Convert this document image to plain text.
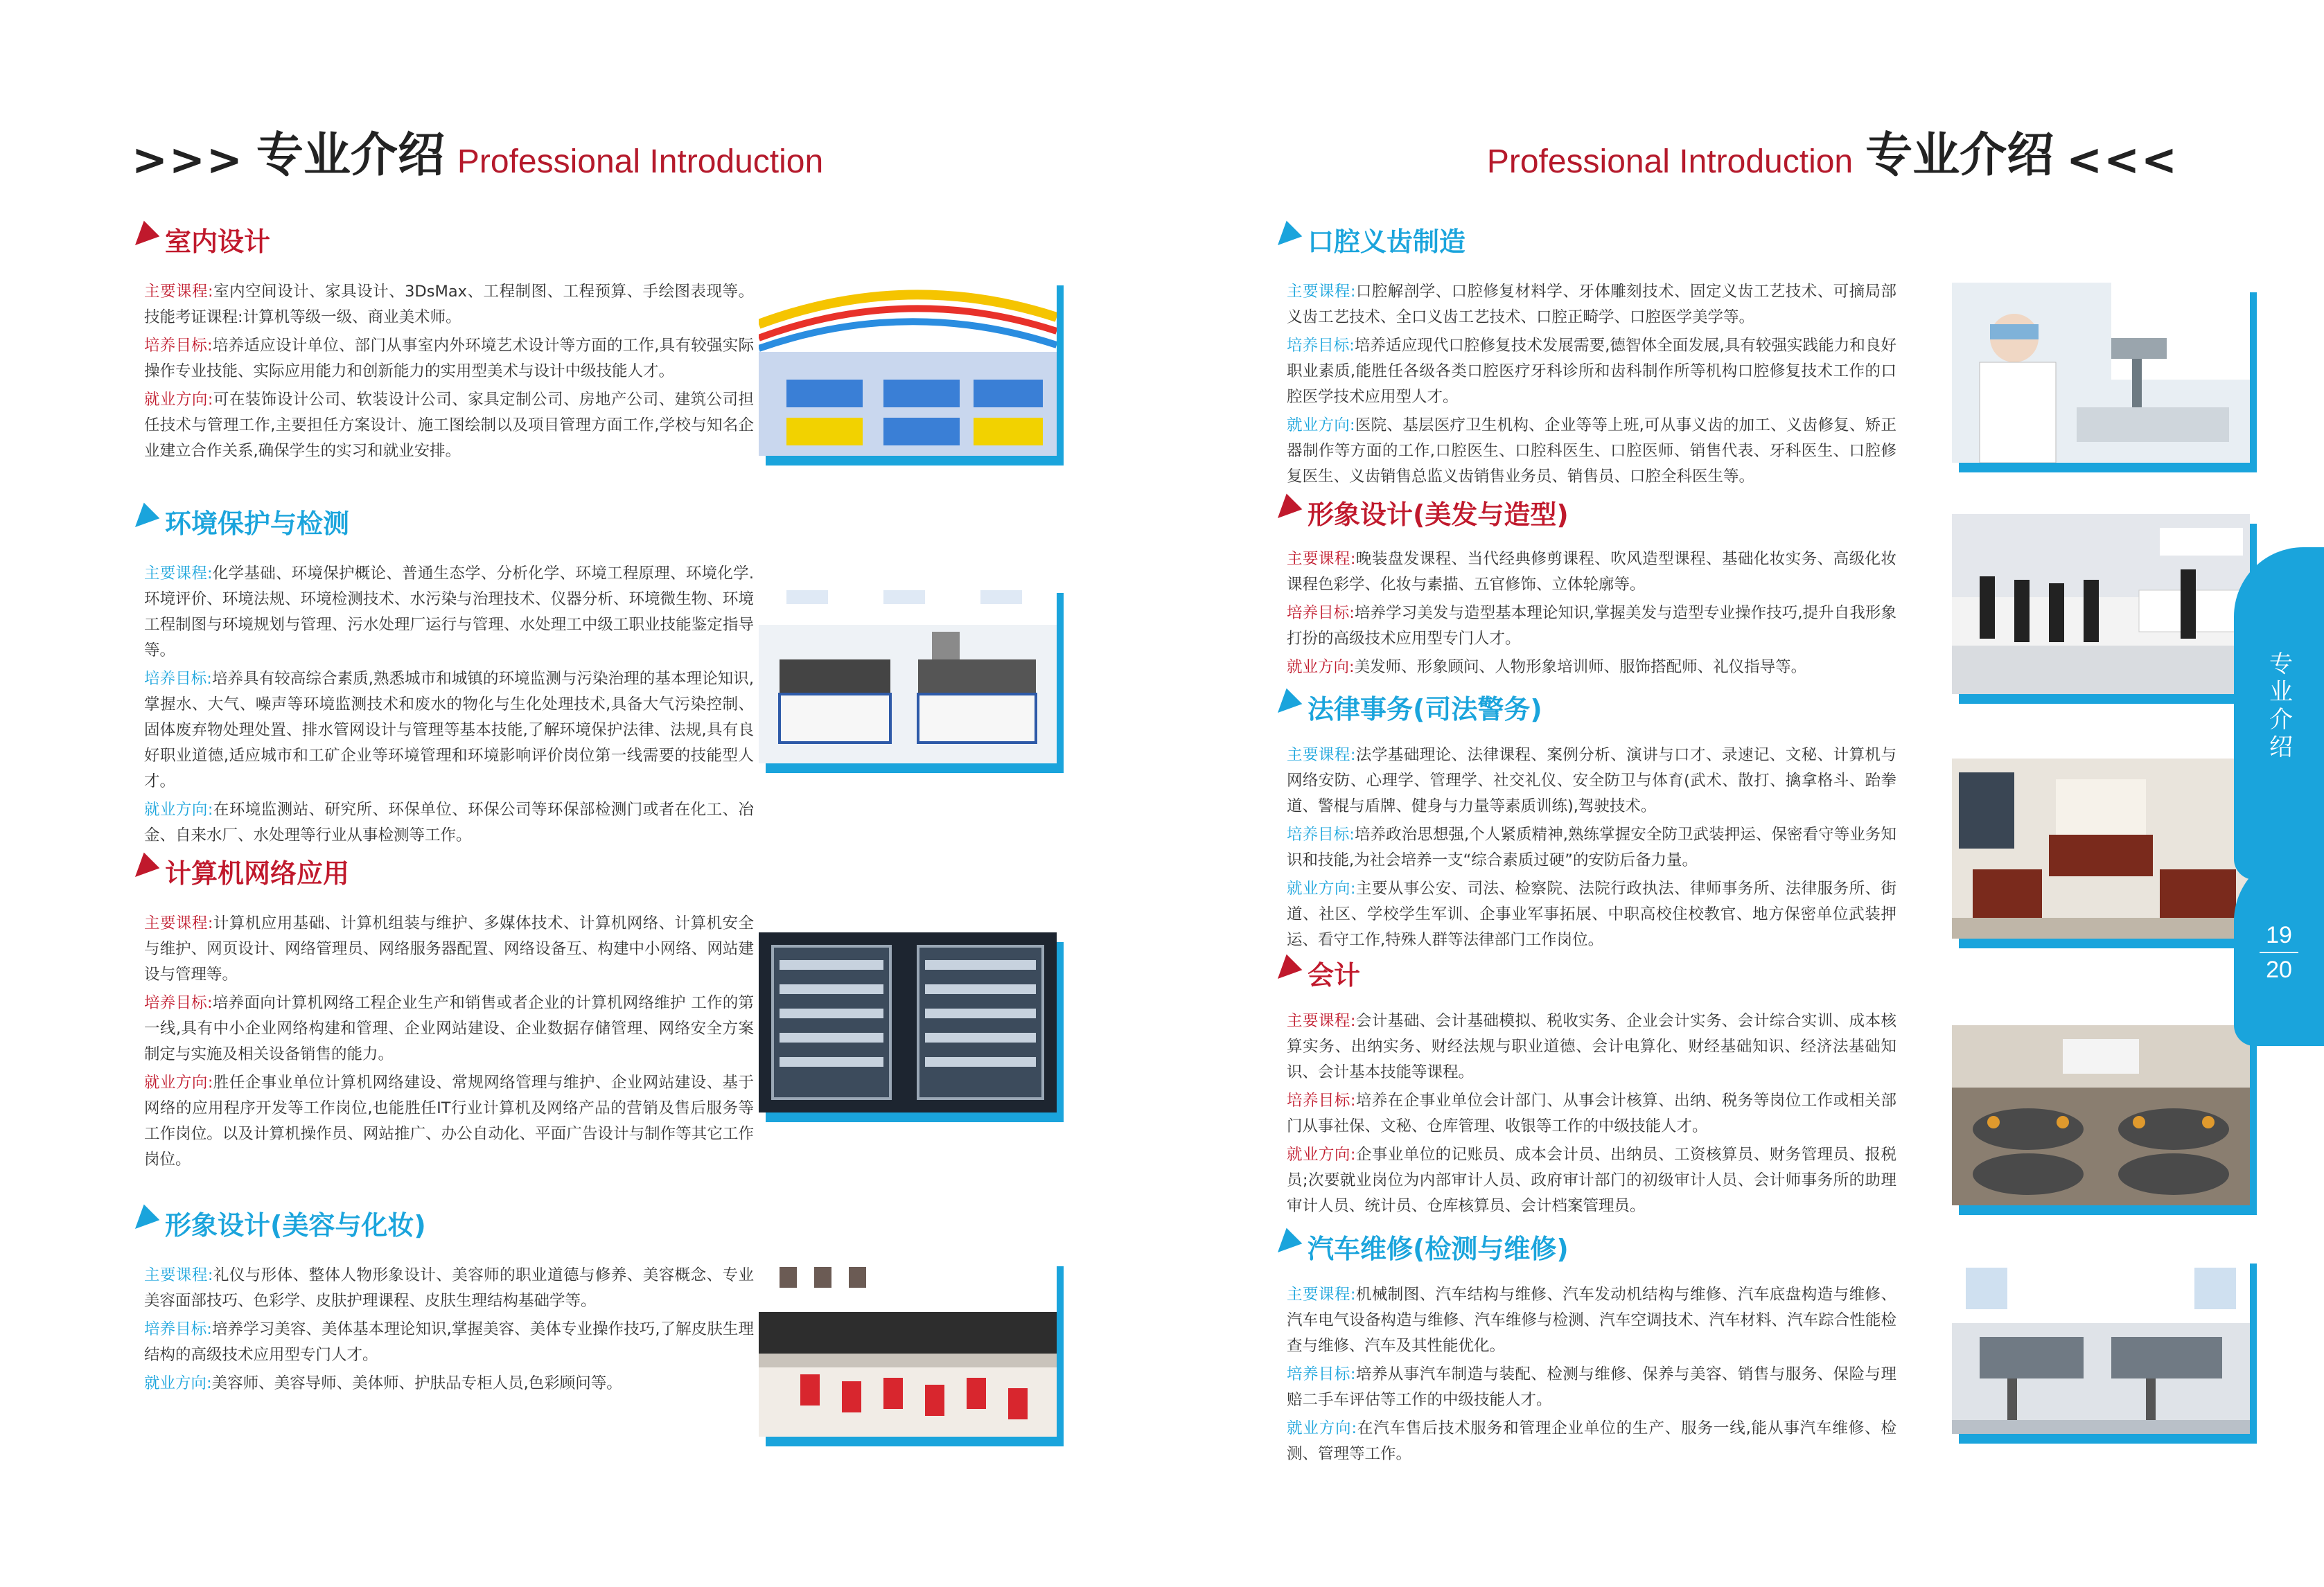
>>> 专业介绍 Professional Introduction
室内设计

主要课程:室内空间设计、家具设计、3DsMax、工程制图、工程预算、手绘图表现等。技能考证课程:计算机等级一级、商业美术师。

培养目标:培养适应设计单位、部门从事室内外环境艺术设计等方面的工作,具有较强实际操作专业技能、实际应用能力和创新能力的实用型美术与设计中级技能人才。

就业方向:可在装饰设计公司、软装设计公司、家具定制公司、房地产公司、建筑公司担任技术与管理工作,主要担任方案设计、施工图绘制以及项目管理方面工作,学校与知名企业建立合作关系,确保学生的实习和就业安排。

环境保护与检测

主要课程:化学基础、环境保护概论、普通生态学、分析化学、环境工程原理、环境化学.环境评价、环境法规、环境检测技术、水污染与治理技术、仪器分析、环境微生物、环境工程制图与环境规划与管理、污水处理厂运行与管理、水处理工中级工职业技能鉴定指导等。

培养目标:培养具有较高综合素质,熟悉城市和城镇的环境监测与污染治理的基本理论知识,掌握水、大气、噪声等环境监测技术和废水的物化与生化处理技术,具备大气污染控制、固体废弃物处理处置、排水管网设计与管理等基本技能,了解环境保护法律、法规,具有良好职业道德,适应城市和工矿企业等环境管理和环境影响评价岗位第一线需要的技能型人才。

就业方向:在环境监测站、研究所、环保单位、环保公司等环保部检测门或者在化工、冶金、自来水厂、水处理等行业从事检测等工作。

计算机网络应用

主要课程:计算机应用基础、计算机组装与维护、多媒体技术、计算机网络、计算机安全与维护、网页设计、网络管理员、网络服务器配置、网络设备互、构建中小网络、网站建设与管理等。

培养目标:培养面向计算机网络工程企业生产和销售或者企业的计算机网络维护 工作的第一线,具有中小企业网络构建和管理、企业网站建设、企业数据存储管理、网络安全方案制定与实施及相关设备销售的能力。

就业方向:胜任企事业单位计算机网络建设、常规网络管理与维护、企业网站建设、基于网络的应用程序开发等工作岗位,也能胜任IT行业计算机及网络产品的营销及售后服务等工作岗位。以及计算机操作员、网站推广、办公自动化、平面广告设计与制作等其它工作岗位。

形象设计(美容与化妆)

主要课程:礼仪与形体、整体人物形象设计、美容师的职业道德与修养、美容概念、专业美容面部技巧、色彩学、皮肤护理课程、皮肤生理结构基础学等。

培养目标:培养学习美容、美体基本理论知识,掌握美容、美体专业操作技巧,了解皮肤生理结构的高级技术应用型专门人才。

就业方向:美容师、美容导师、美体师、护肤品专柜人员,色彩顾问等。

Professional Introduction 专业介绍 <<<
口腔义齿制造

主要课程:口腔解剖学、口腔修复材料学、牙体雕刻技术、固定义齿工艺技术、可摘局部义齿工艺技术、全口义齿工艺技术、口腔正畸学、口腔医学美学等。

培养目标:培养适应现代口腔修复技术发展需要,德智体全面发展,具有较强实践能力和良好职业素质,能胜任各级各类口腔医疗牙科诊所和齿科制作所等机构口腔修复技术工作的口腔医学技术应用型人才。

就业方向:医院、基层医疗卫生机构、企业等等上班,可从事义齿的加工、义齿修复、矫正器制作等方面的工作,口腔医生、口腔科医生、口腔医师、销售代表、牙科医生、口腔修复医生、义齿销售总监义齿销售业务员、销售员、口腔全科医生等。

形象设计(美发与造型)

主要课程:晚装盘发课程、当代经典修剪课程、吹风造型课程、基础化妆实务、高级化妆课程色彩学、化妆与素描、五官修饰、立体轮廓等。

培养目标:培养学习美发与造型基本理论知识,掌握美发与造型专业操作技巧,提升自我形象打扮的高级技术应用型专门人才。

就业方向:美发师、形象顾问、人物形象培训师、服饰搭配师、礼仪指导等。

法律事务(司法警务)

主要课程:法学基础理论、法律课程、案例分析、演讲与口才、录速记、文秘、计算机与网络安防、心理学、管理学、社交礼仪、安全防卫与体育(武术、散打、擒拿格斗、跆拳道、警棍与盾牌、健身与力量等素质训练),驾驶技术。

培养目标:培养政治思想强,个人紧质精神,熟练掌握安全防卫武装押运、保密看守等业务知识和技能,为社会培养一支“综合素质过硬”的安防后备力量。

就业方向:主要从事公安、司法、检察院、法院行政执法、律师事务所、法律服务所、街道、社区、学校学生军训、企事业军事拓展、中职高校住校教官、地方保密单位武装押运、看守工作,特殊人群等法律部门工作岗位。

会计

主要课程:会计基础、会计基础模拟、税收实务、企业会计实务、会计综合实训、成本核算实务、出纳实务、财经法规与职业道德、会计电算化、财经基础知识、经济法基础知识、会计基本技能等课程。

培养目标:培养在企事业单位会计部门、从事会计核算、出纳、税务等岗位工作或相关部门从事社保、文秘、仓库管理、收银等工作的中级技能人才。

就业方向:企事业单位的记账员、成本会计员、出纳员、工资核算员、财务管理员、报税员;次要就业岗位为内部审计人员、政府审计部门的初级审计人员、会计师事务所的助理审计人员、统计员、仓库核算员、会计档案管理员。

汽车维修(检测与维修)

主要课程:机械制图、汽车结构与维修、汽车发动机结构与维修、汽车底盘构造与维修、汽车电气设备构造与维修、汽车维修与检测、汽车空调技术、汽车材料、汽车踪合性能检查与维修、汽车及其性能优化。

培养目标:培养从事汽车制造与装配、检测与维修、保养与美容、销售与服务、保险与理赔二手车评估等工作的中级技能人才。

就业方向:在汽车售后技术服务和管理企业单位的生产、服务一线,能从事汽车维修、检测、管理等工作。

专业介绍
19
20
